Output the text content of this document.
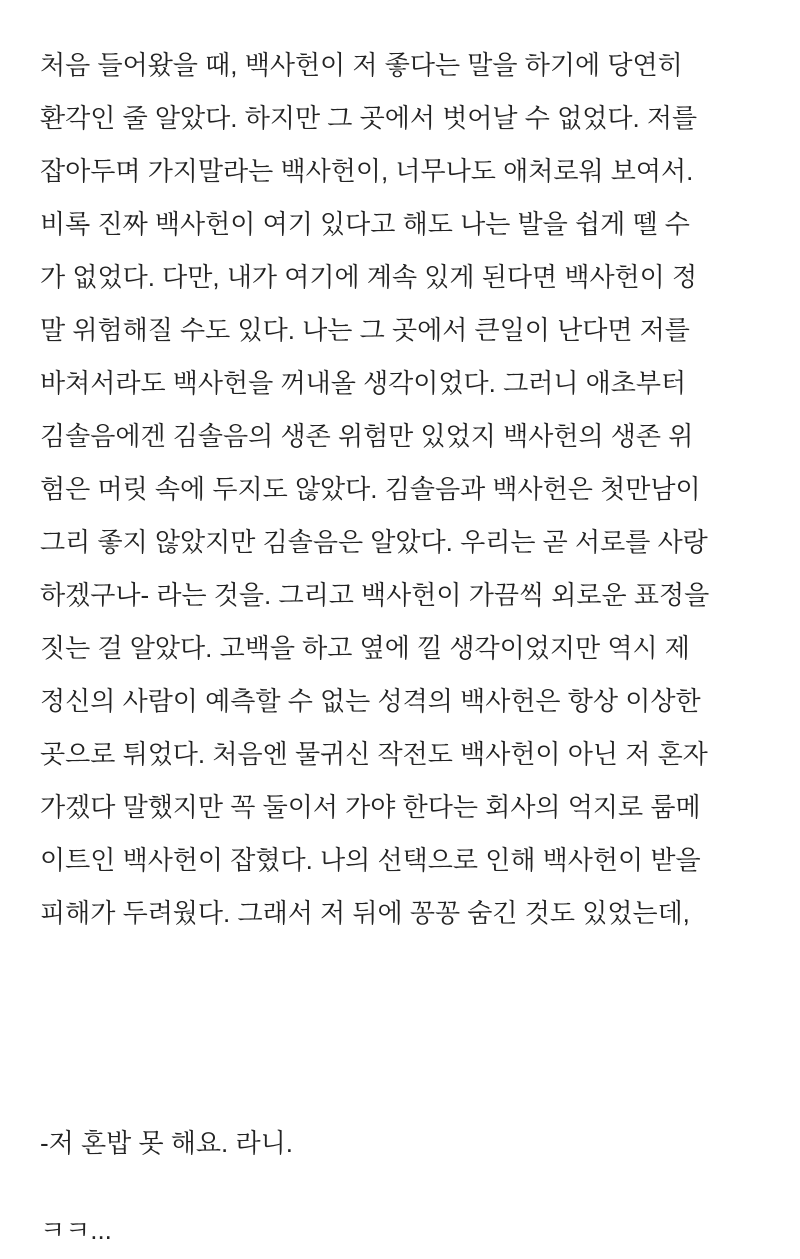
처음 들어왔을 때, 백사헌이 저 좋다는 말을 하기에 당연히
환각인 줄 알았다. 하지만 그 곳에서 벗어날 수 없었다. 저를
잡아두며 가지말라는 백사헌이, 너무나도 애처로워 보여서.
비록 진짜 백사헌이 여기 있다고 해도 나는 발을 쉽게 뗄 수
가 없었다. 다만, 내가 여기에 계속 있게 된다면 백사헌이 정
말 위험해질 수도 있다. 나는 그 곳에서 큰일이 난다면 저를
바쳐서라도 백사헌을 꺼내올 생각이었다. 그러니 애초부터
김솔음에겐 김솔음의 생존 위험만 있었지 백사헌의 생존 위
험은 머릿 속에 두지도 않았다. 김솔음과 백사헌은 첫만남이
그리 좋지 않았지만 김솔음은 알았다. 우리는 곧 서로를 사랑
하겠구나- 라는 것을. 그리고 백사헌이 가끔씩 외로운 표정을
짓는 걸 알았다. 고백을 하고 옆에 낄 생각이었지만 역시 제
정신의 사람이 예측할 수 없는 성격의 백사헌은 항상 이상한
곳으로 튀었다. 처음엔 물귀신 작전도 백사헌이 아닌 저 혼자
가겠다 말했지만 꼭 둘이서 가야 한다는 회사의 억지로 룸메
이트인 백사헌이 잡혔다. 나의 선택으로 인해 백사헌이 받을
피해가 두려웠다. 그래서 저 뒤에 꽁꽁 숨긴 것도 있었는데,
-저 혼밥 못 해요. 라니.
ㅋㅋ...
